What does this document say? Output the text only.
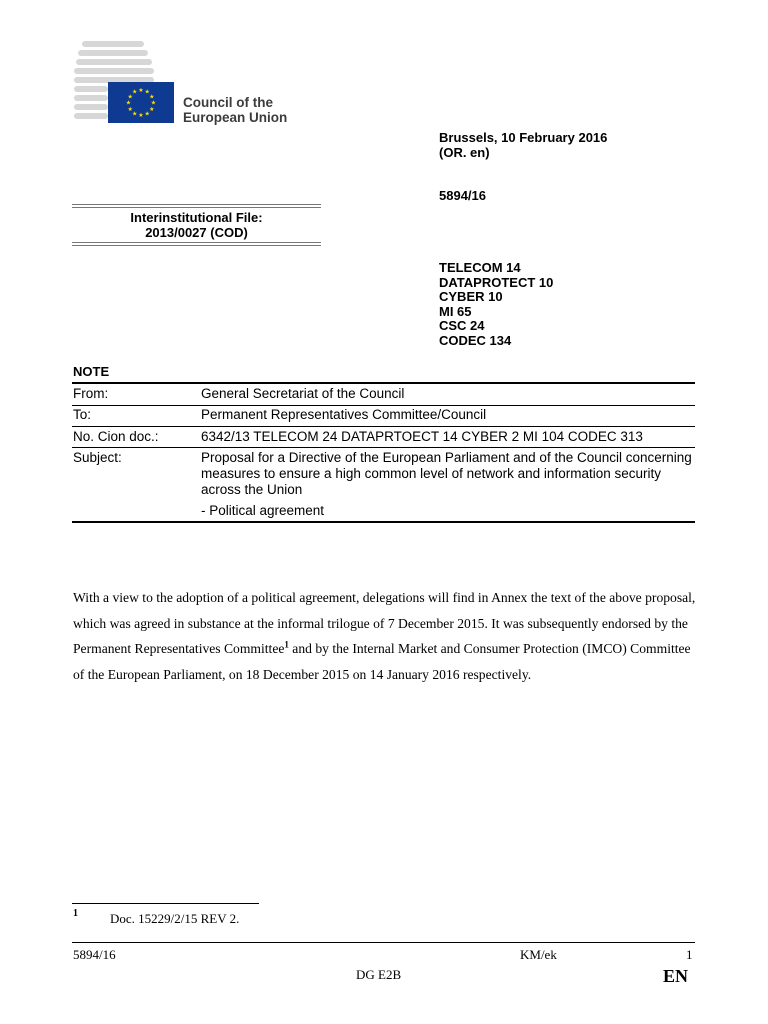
★ ★
★
★
★
★
★
★
★
★
★
★
Council of the
European Union
Brussels, 10 February 2016
(OR. en)
5894/16
TELECOM 14
DATAPROTECT 10
CYBER 10
MI 65
CSC 24
CODEC 134
Interinstitutional File:
2013/0027 (COD)
NOTE
From:	General Secretariat of the Council
To:	Permanent Representatives Committee/Council
No. Cion doc.:	6342/13 TELECOM 24 DATAPRTOECT 14 CYBER 2 MI 104 CODEC 313
Subject:	Proposal for a Directive of the European Parliament and of the Council concerning measures to ensure a high common level of network and information security across the Union
- Political agreement
With a view to the adoption of a political agreement, delegations will find in Annex the text of the above proposal, which was agreed in substance at the informal trilogue of 7 December 2015. It was subsequently endorsed by the Permanent Representatives Committee$^1$ and by the Internal Market and Consumer Protection (IMCO) Committee of the European Parliament, on 18 December 2015 on 14 January 2016 respectively.
1 Doc. 15229/2/15 REV 2.
5894/16	KM/ek	1
DG E2B	EN
